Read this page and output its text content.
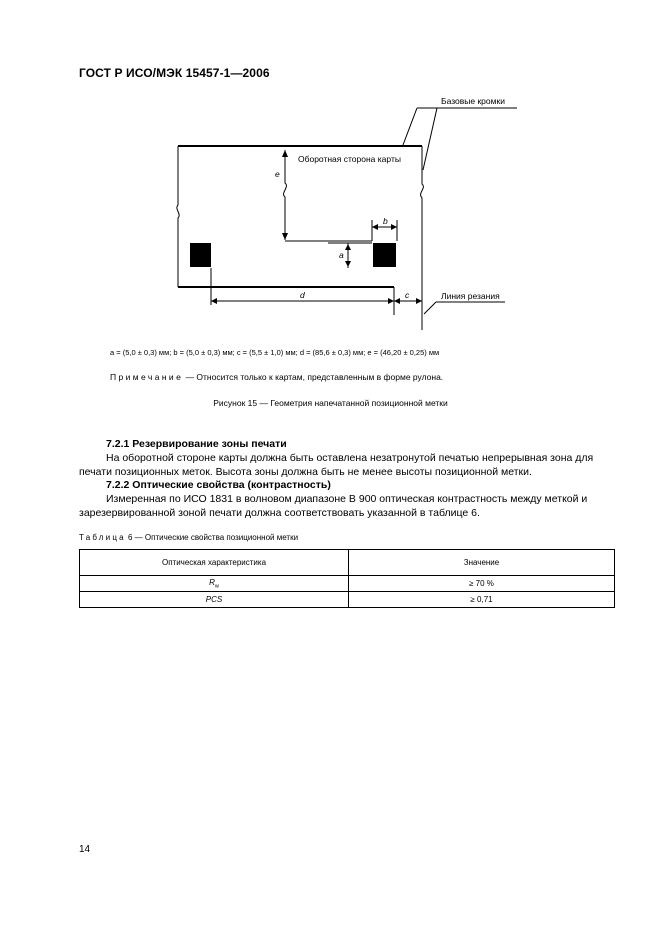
ГОСТ Р ИСО/МЭК 15457-1—2006
Базовые кромки
Оборотная сторона карты
Линия резания
e
b
a
d	c
a = (5,0 ± 0,3) мм; b = (5,0 ± 0,3) мм; c = (5,5 ± 1,0) мм; d = (85,6 ± 0,3) мм; e = (46,20 ± 0,25) мм
Примечание — Относится только к картам, представленным в форме рулона.
Рисунок 15 — Геометрия напечатанной позиционной метки
7.2.1 Резервирование зоны печати

На оборотной стороне карты должна быть оставлена незатронутой печатью непрерывная зона для печати позиционных меток. Высота зоны должна быть не менее высоты позиционной метки.

7.2.2 Оптические свойства (контрастность)

Измеренная по ИСО 1831 в волновом диапазоне В 900 оптическая контрастность между меткой и зарезервированной зоной печати должна соответствовать указанной в таблице 6.

Таблица 6 — Оптические свойства позиционной метки
Оптическая характеристика	Значение
$R_w$	≥ 70 %
PCS	≥ 0,71
14
